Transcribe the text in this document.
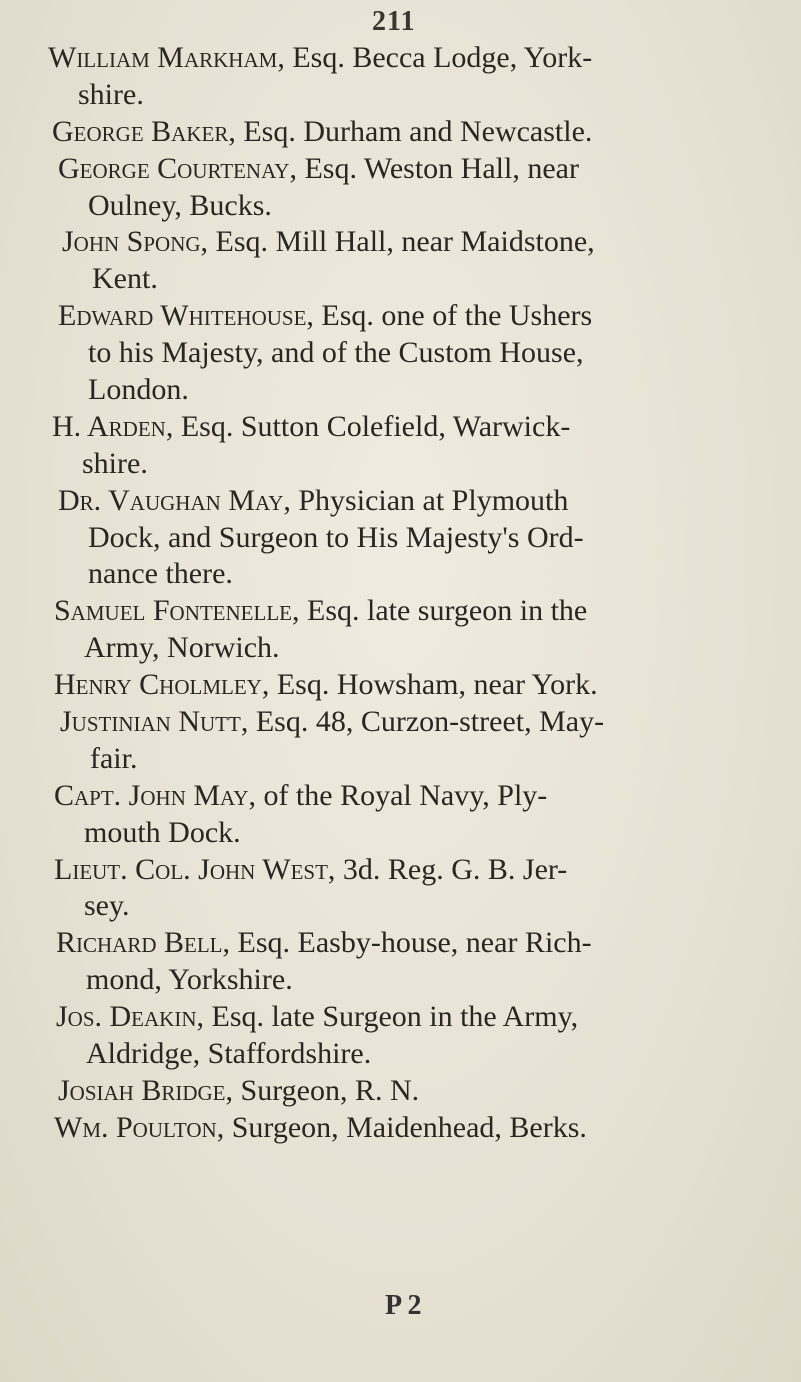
211
William Markham, Esq. Becca Lodge, York-
shire.
George Baker, Esq. Durham and Newcastle.
George Courtenay, Esq. Weston Hall, near
Oulney, Bucks.
John Spong, Esq. Mill Hall, near Maidstone,
Kent.
Edward Whitehouse, Esq. one of the Ushers
to his Majesty, and of the Custom House,
London.
H. Arden, Esq. Sutton Colefield, Warwick-
shire.
Dr. Vaughan May, Physician at Plymouth
Dock, and Surgeon to His Majesty's Ord-
nance there.
Samuel Fontenelle, Esq. late surgeon in the
Army, Norwich.
Henry Cholmley, Esq. Howsham, near York.
Justinian Nutt, Esq. 48, Curzon-street, May-
fair.
Capt. John May, of the Royal Navy, Ply-
mouth Dock.
Lieut. Col. John West, 3d. Reg. G. B. Jer-
sey.
Richard Bell, Esq. Easby-house, near Rich-
mond, Yorkshire.
Jos. Deakin, Esq. late Surgeon in the Army,
Aldridge, Staffordshire.
Josiah Bridge, Surgeon, R. N.
Wm. Poulton, Surgeon, Maidenhead, Berks.
P 2
